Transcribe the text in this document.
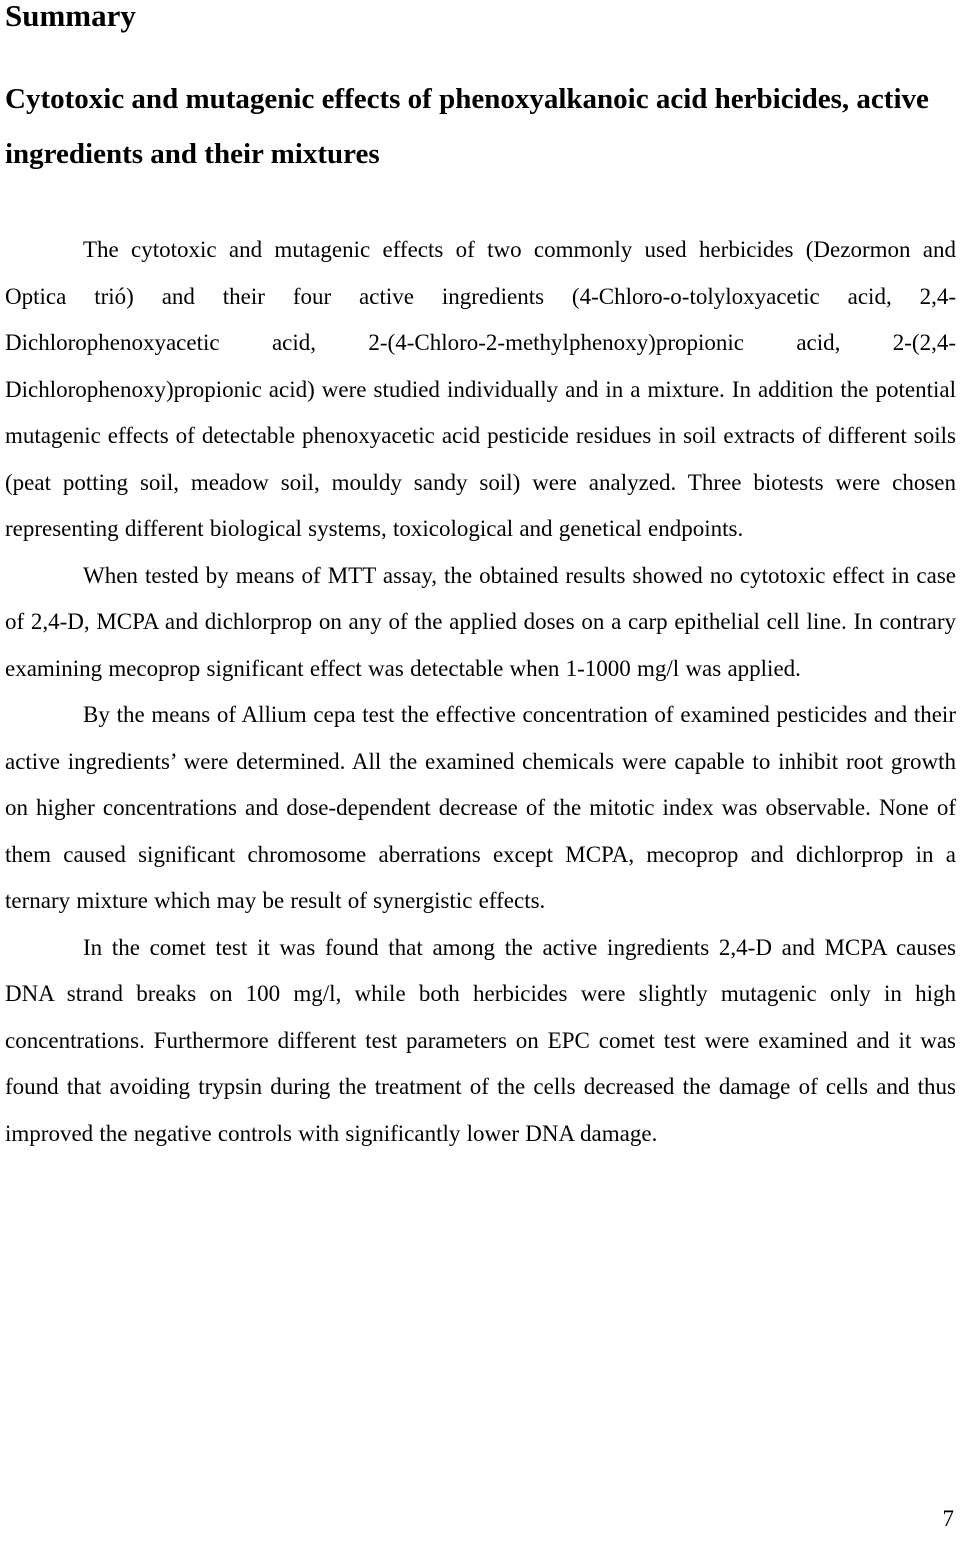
Summary
Cytotoxic and mutagenic effects of phenoxyalkanoic acid herbicides, active ingredients and their mixtures

The cytotoxic and mutagenic effects of two commonly used herbicides (Dezormon and Optica trió) and their four active ingredients (4-Chloro-o-tolyloxyacetic acid, 2,4-Dichlorophenoxyacetic acid, 2-(4-Chloro-2-methylphenoxy)propionic acid, 2-(2,4-Dichlorophenoxy)propionic acid) were studied individually and in a mixture. In addition the potential mutagenic effects of detectable phenoxyacetic acid pesticide residues in soil extracts of different soils (peat potting soil, meadow soil, mouldy sandy soil) were analyzed. Three biotests were chosen representing different biological systems, toxicological and genetical endpoints.

When tested by means of MTT assay, the obtained results showed no cytotoxic effect in case of 2,4-D, MCPA and dichlorprop on any of the applied doses on a carp epithelial cell line. In contrary examining mecoprop significant effect was detectable when 1-1000 mg/l was applied.

By the means of Allium cepa test the effective concentration of examined pesticides and their active ingredients’ were determined. All the examined chemicals were capable to inhibit root growth on higher concentrations and dose-dependent decrease of the mitotic index was observable. None of them caused significant chromosome aberrations except MCPA, mecoprop and dichlorprop in a ternary mixture which may be result of synergistic effects.

In the comet test it was found that among the active ingredients 2,4-D and MCPA causes DNA strand breaks on 100 mg/l, while both herbicides were slightly mutagenic only in high concentrations. Furthermore different test parameters on EPC comet test were examined and it was found that avoiding trypsin during the treatment of the cells decreased the damage of cells and thus improved the negative controls with significantly lower DNA damage.

7
